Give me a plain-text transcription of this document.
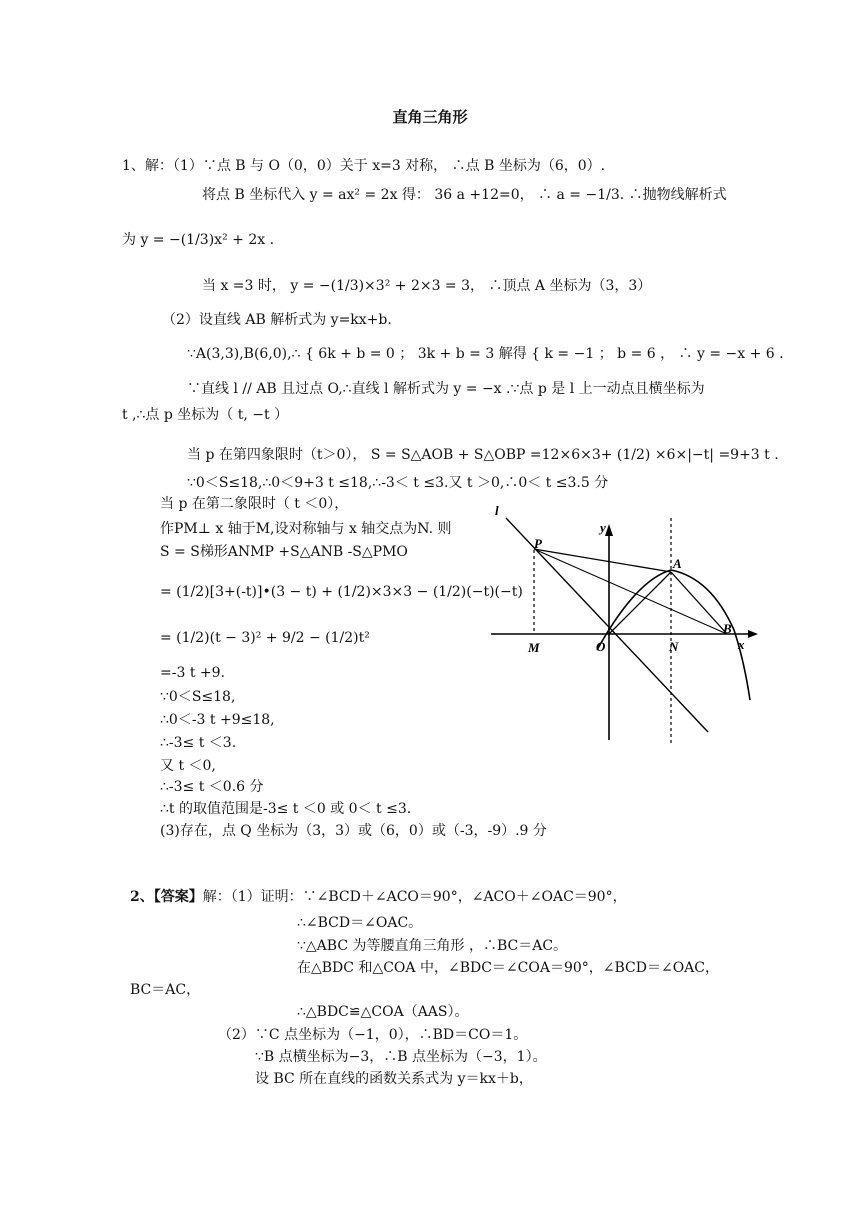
直角三角形
1、解：（1）∵点 B 与 O（0，0）关于 x=3 对称， ∴点 B 坐标为（6，0）.
将点 B 坐标代入 y = ax² = 2x 得： 36 a +12=0， ∴ a = −1/3. ∴抛物线解析式
为 y = −(1/3)x² + 2x .
当 x =3 时， y = −(1/3)×3² + 2×3 = 3， ∴顶点 A 坐标为（3，3）
（2）设直线 AB 解析式为 y=kx+b.
∵A(3,3),B(6,0),∴ { 6k + b = 0 ； 3k + b = 3 解得 { k = −1 ； b = 6 ， ∴ y = −x + 6 .
∵直线 l // AB 且过点 O,∴直线 l 解析式为 y = −x .∵点 p 是 l 上一动点且横坐标为
t ,∴点 p 坐标为（ t, −t ）
当 p 在第四象限时（t＞0）， S = S△AOB + S△OBP =12×6×3+ (1/2) ×6×|−t| =9+3 t .
∵0＜S≤18,∴0＜9+3 t ≤18,∴-3＜ t ≤3.又 t ＞0,∴0＜ t ≤3.5 分
当 p 在第二象限时（ t ＜0），
作PM⊥ x 轴于M,设对称轴与 x 轴交点为N. 则
S = S梯形ANMP +S△ANB -S△PMO
= (1/2)[3+(-t)]•(3 − t) + (1/2)×3×3 − (1/2)(−t)(−t)
= (1/2)(t − 3)² + 9/2 − (1/2)t²
=-3 t +9.
∵0＜S≤18,
∴0＜-3 t +9≤18,
∴-3≤ t ＜3.
又 t ＜0,
∴-3≤ t ＜0.6 分
∴t 的取值范围是-3≤ t ＜0 或 0＜ t ≤3.
(3)存在，点 Q 坐标为（3，3）或（6，0）或（-3，-9）.9 分
l
y
P
A
B
x
M	O	N
2、【答案】解：（1）证明：∵∠BCD＋∠ACO＝90°，∠ACO＋∠OAC＝90°，
∴∠BCD＝∠OAC。
∵△ABC 为等腰直角三角形 ，∴BC＝AC。
在△BDC 和△COA 中，∠BDC＝∠COA＝90°，∠BCD＝∠OAC，
BC＝AC，
∴△BDC≌△COA（AAS）。
（2）∵C 点坐标为（−1，0），∴BD＝CO＝1。
∵B 点横坐标为−3，∴B 点坐标为（−3，1）。
设 BC 所在直线的函数关系式为 y＝kx＋b，
